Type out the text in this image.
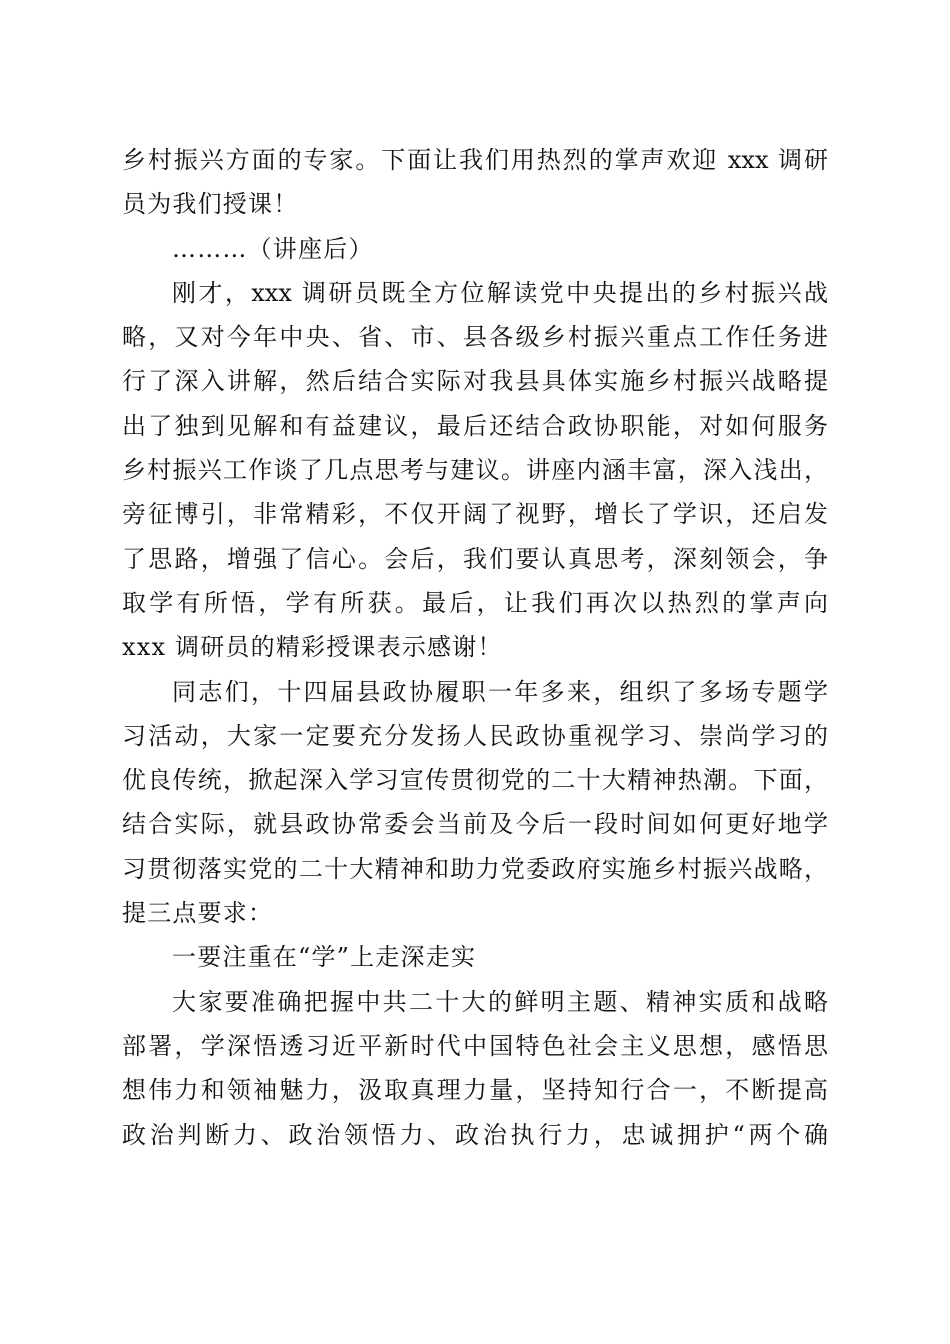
乡村振兴方面的专家。下面让我们用热烈的掌声欢迎 xxx 调研
员为我们授课！
………（讲座后）
刚才，xxx 调研员既全方位解读党中央提出的乡村振兴战
略，又对今年中央、省、市、县各级乡村振兴重点工作任务进
行了深入讲解，然后结合实际对我县具体实施乡村振兴战略提
出了独到见解和有益建议，最后还结合政协职能，对如何服务
乡村振兴工作谈了几点思考与建议。讲座内涵丰富，深入浅出，
旁征博引，非常精彩，不仅开阔了视野，增长了学识，还启发
了思路，增强了信心。会后，我们要认真思考，深刻领会，争
取学有所悟，学有所获。最后，让我们再次以热烈的掌声向
xxx 调研员的精彩授课表示感谢！
同志们，十四届县政协履职一年多来，组织了多场专题学
习活动，大家一定要充分发扬人民政协重视学习、崇尚学习的
优良传统，掀起深入学习宣传贯彻党的二十大精神热潮。下面，
结合实际，就县政协常委会当前及今后一段时间如何更好地学
习贯彻落实党的二十大精神和助力党委政府实施乡村振兴战略，
提三点要求：
一要注重在“学”上走深走实
大家要准确把握中共二十大的鲜明主题、精神实质和战略
部署，学深悟透习近平新时代中国特色社会主义思想，感悟思
想伟力和领袖魅力，汲取真理力量，坚持知行合一，不断提高
政治判断力、政治领悟力、政治执行力，忠诚拥护“两个确
